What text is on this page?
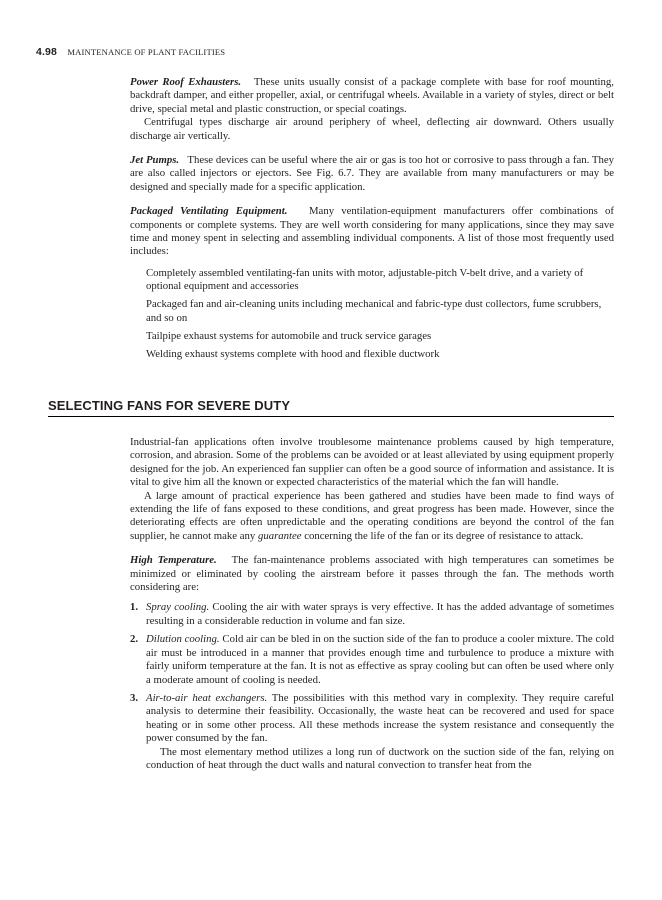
4.98 MAINTENANCE OF PLANT FACILITIES

Power Roof Exhausters. These units usually consist of a package complete with base for roof mounting, backdraft damper, and either propeller, axial, or centrifugal wheels. Available in a variety of styles, direct or belt drive, special metal and plastic construction, or special coatings.

Centrifugal types discharge air around periphery of wheel, deflecting air downward. Others usually discharge air vertically.

Jet Pumps. These devices can be useful where the air or gas is too hot or corrosive to pass through a fan. They are also called injectors or ejectors. See Fig. 6.7. They are available from many manufacturers or may be designed and specially made for a specific application.

Packaged Ventilating Equipment. Many ventilation-equipment manufacturers offer combinations of components or complete systems. They are well worth considering for many applications, since they may save time and money spent in selecting and assembling individual components. A list of those most frequently used includes:

Completely assembled ventilating-fan units with motor, adjustable-pitch V-belt drive, and a variety of optional equipment and accessories

Packaged fan and air-cleaning units including mechanical and fabric-type dust collectors, fume scrubbers, and so on

Tailpipe exhaust systems for automobile and truck service garages

Welding exhaust systems complete with hood and flexible ductwork

SELECTING FANS FOR SEVERE DUTY

Industrial-fan applications often involve troublesome maintenance problems caused by high temperature, corrosion, and abrasion. Some of the problems can be avoided or at least alleviated by using equipment properly designed for the job. An experienced fan supplier can often be a good source of information and assistance. It is vital to give him all the known or expected characteristics of the material which the fan will handle.

A large amount of practical experience has been gathered and studies have been made to find ways of extending the life of fans exposed to these conditions, and great progress has been made. However, since the deteriorating effects are often unpredictable and the operating conditions are beyond the control of the fan supplier, he cannot make any guarantee concerning the life of the fan or its degree of resistance to attack.

High Temperature. The fan-maintenance problems associated with high temperatures can sometimes be minimized or eliminated by cooling the airstream before it passes through the fan. The methods worth considering are:

1. Spray cooling. Cooling the air with water sprays is very effective. It has the added advantage of sometimes resulting in a considerable reduction in volume and fan size.
2. Dilution cooling. Cold air can be bled in on the suction side of the fan to produce a cooler mixture. The cold air must be introduced in a manner that provides enough time and turbulence to produce a mixture with fairly uniform temperature at the fan. It is not as effective as spray cooling but can often be used where only a moderate amount of cooling is needed.
3. Air-to-air heat exchangers. The possibilities with this method vary in complexity. They require careful analysis to determine their feasibility. Occasionally, the waste heat can be recovered and used for space heating or in some other process. All these methods increase the system resistance and consequently the power consumed by the fan.
The most elementary method utilizes a long run of ductwork on the suction side of the fan, relying on conduction of heat through the duct walls and natural convection to transfer heat from the
